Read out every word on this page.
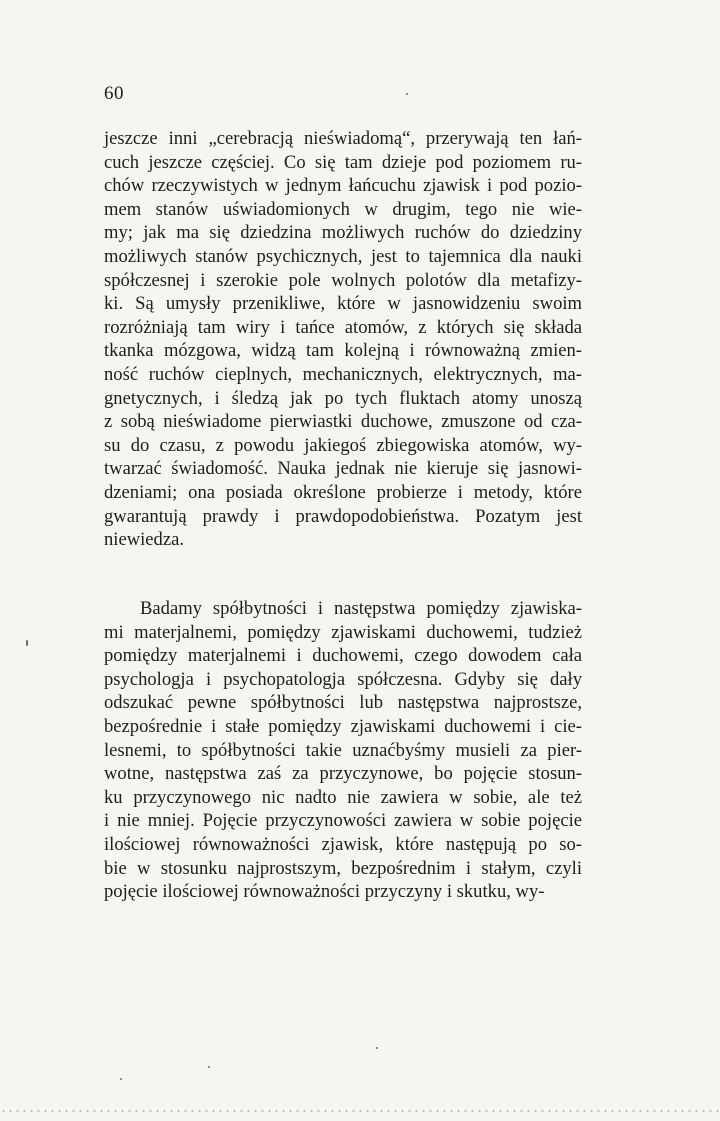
60
jeszcze inni „cerebracją nieświadomą“, przerywają ten łań-
cuch jeszcze częściej. Co się tam dzieje pod poziomem ru-
chów rzeczywistych w jednym łańcuchu zjawisk i pod pozio-
mem stanów uświadomionych w drugim, tego nie wie-
my; jak ma się dziedzina możliwych ruchów do dziedziny
możliwych stanów psychicznych, jest to tajemnica dla nauki
spółczesnej i szerokie pole wolnych polotów dla metafizy-
ki. Są umysły przenikliwe, które w jasnowidzeniu swoim
rozróżniają tam wiry i tańce atomów, z których się składa
tkanka mózgowa, widzą tam kolejną i równoważną zmien-
ność ruchów cieplnych, mechanicznych, elektrycznych, ma-
gnetycznych, i śledzą jak po tych fluktach atomy unoszą
z sobą nieświadome pierwiastki duchowe, zmuszone od cza-
su do czasu, z powodu jakiegoś zbiegowiska atomów, wy-
twarzać świadomość. Nauka jednak nie kieruje się jasnowi-
dzeniami; ona posiada określone probierze i metody, które
gwarantują prawdy i prawdopodobieństwa. Pozatym jest
niewiedza.
Badamy spółbytności i następstwa pomiędzy zjawiska-
mi materjalnemi, pomiędzy zjawiskami duchowemi, tudzież
pomiędzy materjalnemi i duchowemi, czego dowodem cała
psychologja i psychopatologja spółczesna. Gdyby się dały
odszukać pewne spółbytności lub następstwa najprostsze,
bezpośrednie i stałe pomiędzy zjawiskami duchowemi i cie-
lesnemi, to spółbytności takie uznaćbyśmy musieli za pier-
wotne, następstwa zaś za przyczynowe, bo pojęcie stosun-
ku przyczynowego nic nadto nie zawiera w sobie, ale też
i nie mniej. Pojęcie przyczynowości zawiera w sobie pojęcie
ilościowej równoważności zjawisk, które następują po so-
bie w stosunku najprostszym, bezpośrednim i stałym, czyli
pojęcie ilościowej równoważności przyczyny i skutku, wy-
